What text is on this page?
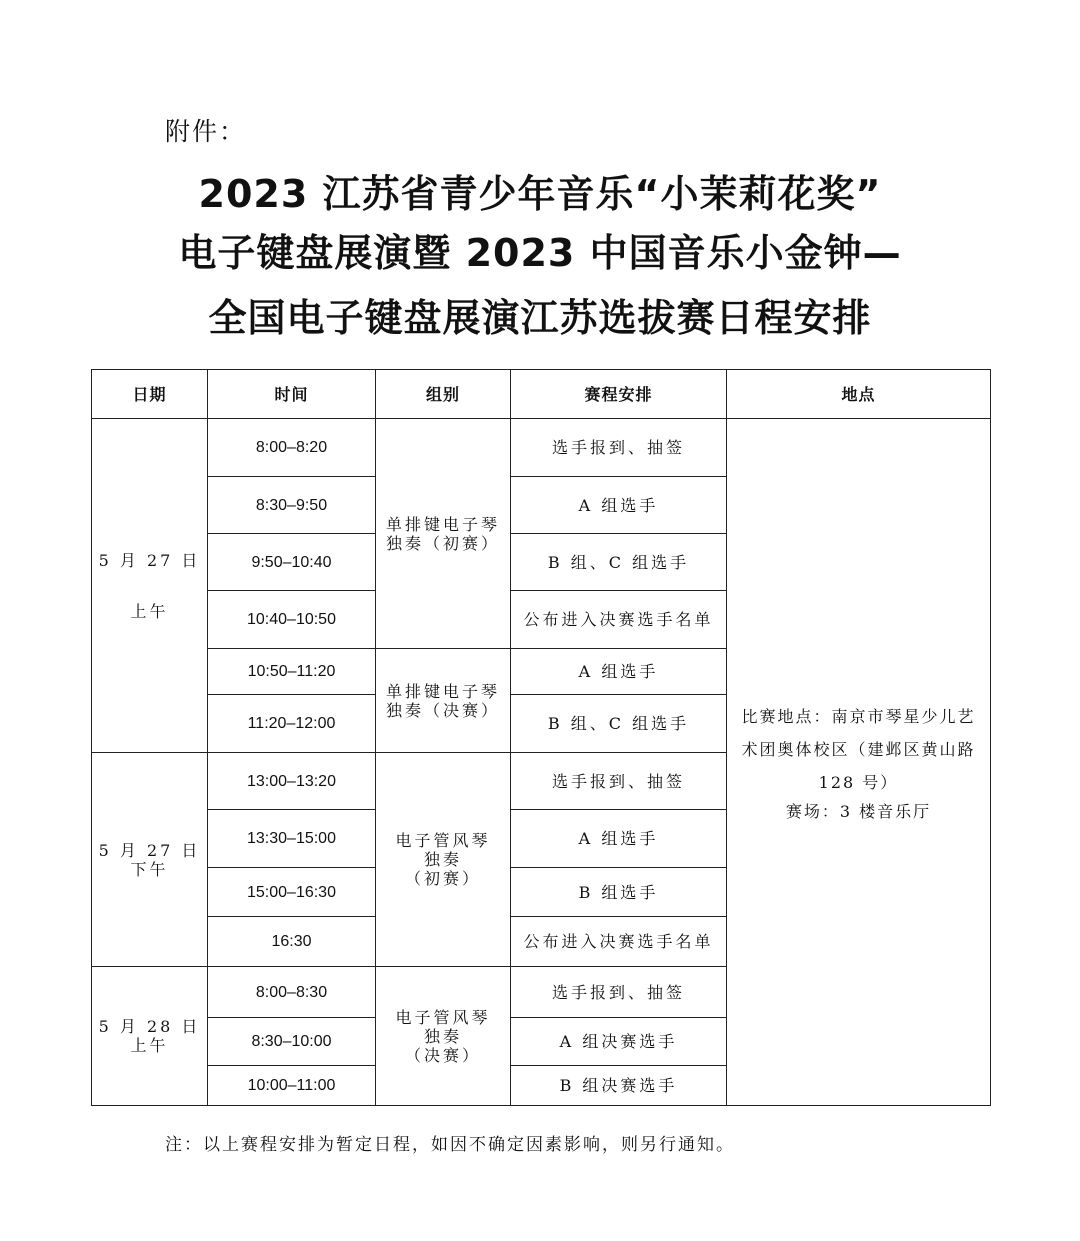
附件：
2023 江苏省青少年音乐“小茉莉花奖”
电子键盘展演暨 2023 中国音乐小金钟—
全国电子键盘展演江苏选拔赛日程安排
日期	时间	组别	赛程安排	地点

5 月 27 日
上午	8:00–8:20	单排键电子琴
独奏（初赛）	选手报到、抽签	比赛地点：南京市琴星少儿艺
术团奥体校区（建邺区黄山路
128 号）
赛场：3 楼音乐厅

	8:30–9:50		A 组选手	
	9:50–10:40		B 组、C 组选手	
	10:40–10:50		公布进入决赛选手名单	
	10:50–11:20	单排键电子琴
独奏（决赛）	A 组选手	
	11:20–12:00		B 组、C 组选手	

5 月 27 日
下午	13:00–13:20	电子管风琴
独奏
（初赛）	选手报到、抽签	
	13:30–15:00		A 组选手	
	15:00–16:30		B 组选手	
	16:30		公布进入决赛选手名单	

5 月 28 日
上午	8:00–8:30	电子管风琴
独奏
（决赛）	选手报到、抽签	
	8:30–10:00		A 组决赛选手	
	10:00–11:00		B 组决赛选手	
注：以上赛程安排为暂定日程，如因不确定因素影响，则另行通知。
